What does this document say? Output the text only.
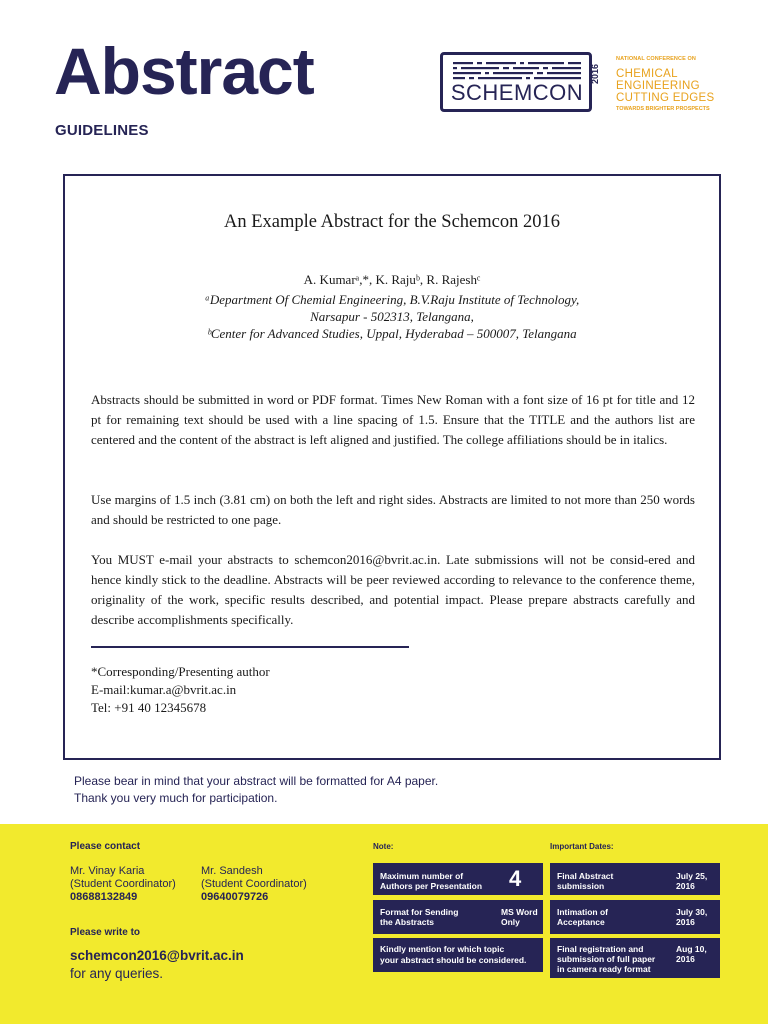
Abstract
GUIDELINES
SCHEMCON
2016
NATIONAL CONFERENCE ON
CHEMICAL
ENGINEERING
CUTTING EDGES
TOWARDS BRIGHTER PROSPECTS
An Example Abstract for the Schemcon 2016
A. Kumarᵃ,*, K. Rajuᵇ, R. Rajeshᶜ
ᵃDepartment Of Chemial Engineering, B.V.Raju Institute of Technology,
Narsapur - 502313, Telangana,
ᵇCenter for Advanced Studies, Uppal, Hyderabad – 500007, Telangana
Abstracts should be submitted in word or PDF format. Times New Roman with a font size of 16 pt for title and 12 pt for remaining text should be used with a line spacing of 1.5. Ensure that the TITLE and the authors list are centered and the content of the abstract is left aligned and justified. The college affiliations should be in italics.
Use margins of 1.5 inch (3.81 cm) on both the left and right sides. Abstracts are limited to not more than 250 words and should be restricted to one page.
You MUST e-mail your abstracts to schemcon2016@bvrit.ac.in. Late submissions will not be consid-ered and hence kindly stick to the deadline. Abstracts will be peer reviewed according to relevance to the conference theme, originality of the work, specific results described, and potential impact. Please prepare abstracts carefully and describe accomplishments specifically.
*Corresponding/Presenting author
E-mail:kumar.a@bvrit.ac.in
Tel: +91 40 12345678
Please bear in mind that your abstract will be formatted for A4 paper.
Thank you very much for participation.
Please contact
Mr. Vinay Karia
(Student Coordinator)
08688132849
Mr. Sandesh
(Student Coordinator)
09640079726
Please write to
schemcon2016@bvrit.ac.in
for any queries.
Note:
Maximum number of
Authors per Presentation 4
Format for Sending
the Abstracts
MS Word
Only
Kindly mention for which topic
your abstract should be considered.
Important Dates:
Final Abstract
submission
July 25,
2016
Intimation of
Acceptance
July 30,
2016
Final registration and
submission of full paper
in camera ready format
Aug 10,
2016
